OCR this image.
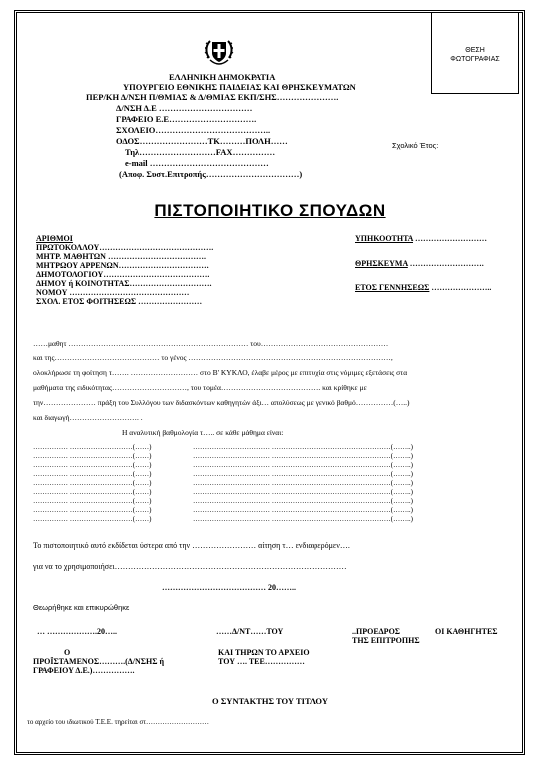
ΘΕΣΗ
ΦΩΤΟΓΡΑΦΙΑΣ
ΕΛΛΗΝΙΚΗ ΔΗΜΟΚΡΑΤΙΑ
ΥΠΟΥΡΓΕΙΟ ΕΘΝΙΚΗΣ ΠΑΙΔΕΙΑΣ ΚΑΙ ΘΡΗΣΚΕΥΜΑΤΩΝ
ΠΕΡ/ΚΗ Δ/ΝΣΗ Π/ΘΜΙΑΣ & Δ/ΘΜΙΑΣ ΕΚΠ/ΣΗΣ………………….
Δ/ΝΣΗ Δ.Ε ……………………………
ΓΡΑΦΕΙΟ Ε.Ε………………………….
ΣΧΟΛΕΙΟ…………………………………..
ΟΔΟΣ……………………ΤΚ………ΠΟΛΗ……
Τηλ………………………FAX……………
e-mail ……………………………………
(Αποφ. Συστ.Επιτροπής……………………………)
Σχολικό Έτος:
ΠΙΣΤΟΠΟΙΗΤΙΚΟ ΣΠΟΥΔΩΝ
ΑΡΙΘΜΟΙ
ΠΡΩΤΟΚΟΛΛΟΥ…………………………………….
ΜΗΤΡ. ΜΑΘΗΤΩΝ ……………………………….
ΜΗΤΡΩΟΥ ΑΡΡΕΝΩΝ…………………………….
ΔΗΜΟΤΟΛΟΓΙΟΥ………………………………….
ΔΗΜΟΥ ή ΚΟΙΝΟΤΗΤΑΣ………………………….
ΝΟΜΟΥ ………………………………………
ΣΧΟΛ. ΕΤΟΣ ΦΟΙΤΗΣΕΩΣ ……………………
ΥΠΗΚΟΟΤΗΤΑ ………………………
ΘΡΗΣΚΕΥΜΑ ……………………….
ΕΤΟΣ ΓΕΝΝΗΣΕΩΣ …………………..
……μαθητ ……………………………………………………………… του……………………………………………
και της…………………………………… το γένος ………………………………………………………………………,
ολοκλήρωσε τη φοίτηση τ……. ……………………… στο Β' ΚΥΚΛΟ, έλαβε μέρος με επιτυχία στις νόμιμες εξετάσεις στα
μαθήματα της ειδικότητας…………………………, του τομέα…………………………………. και κρίθηκε με
την………………… πράξη του Συλλόγου των διδασκόντων καθηγητών άξι… απολύσεως με γενικό βαθμό……………(…..)
και διαγωγή………………………. .
Η αναλυτική βαθμολογία τ….. σε κάθε μάθημα είναι:
…………… ………………………(……)
…………… ………………………(……)
…………… ………………………(……)
…………… ………………………(……)
…………… ………………………(……)
…………… ………………………(……)
…………… ………………………(……)
…………… ………………………(……)
…………… ………………………(……)
…………………………… ……………………………………………(……..)
…………………………… ……………………………………………(……..)
…………………………… ……………………………………………(……..)
…………………………… ……………………………………………(……..)
…………………………… ……………………………………………(……..)
…………………………… ……………………………………………(……..)
…………………………… ……………………………………………(……..)
…………………………… ……………………………………………(……..)
…………………………… ……………………………………………(……..)
Το πιστοποιητικό αυτό εκδίδεται ύστερα από την …………………… αίτηση τ… ενδιαφερόμεν….
για να το χρησιμοποιήσει……………………………………………………………………………
………………………………… 20……..
Θεωρήθηκε και επικυρώθηκε
… ……………….20…..	……Δ/ΝΤ……ΤΟΥ	..ΠΡΟΕΔΡΟΣ
ΤΗΣ ΕΠΙΤΡΟΠΗΣ
ΟΙ ΚΑΘΗΓΗΤΕΣ
Ο
ΠΡΟΪΣΤΑΜΕΝΟΣ……….(Δ/ΝΣΗΣ ή
ΓΡΑΦΕΙΟΥ Δ.Ε.)…………….
ΚΑΙ ΤΗΡΩΝ ΤΟ ΑΡΧΕΙΟ
ΤΟΥ …. ΤΕΕ……………
Ο ΣΥΝΤΑΚΤΗΣ ΤΟΥ ΤΙΤΛΟΥ
το αρχείο του ιδιωτικού Τ.Ε.Ε. τηρείται στ………………………
